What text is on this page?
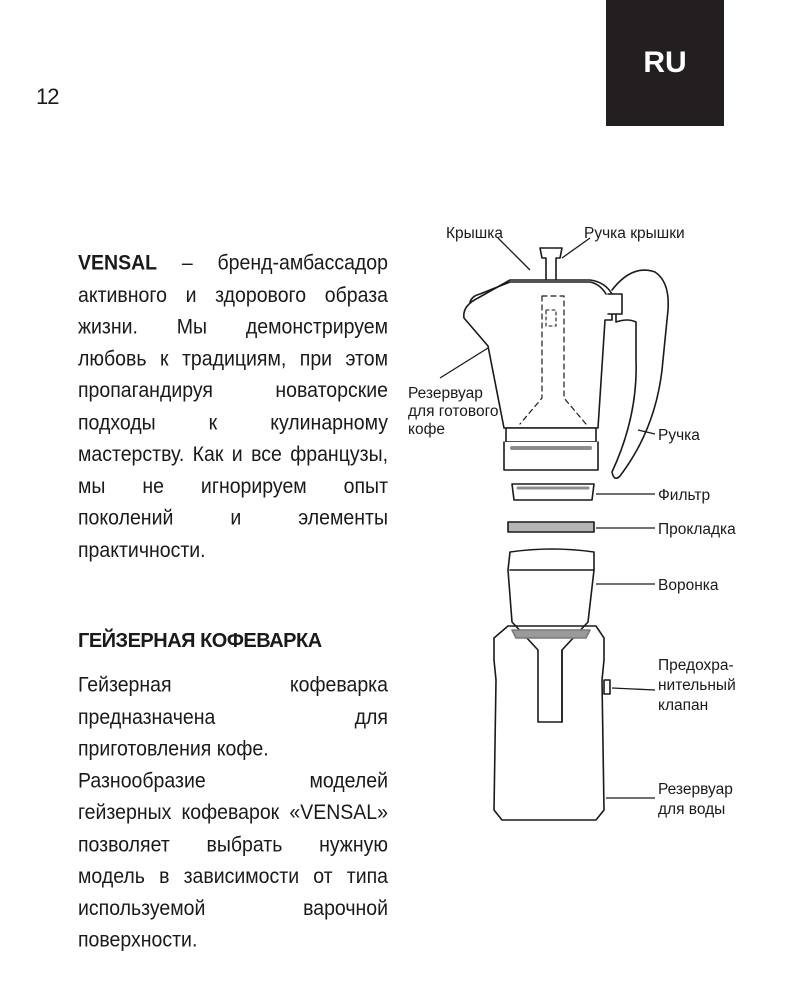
12
RU
VENSAL – бренд-амбассадор активного и здорового образа жизни. Мы демонстрируем любовь к традициям, при этом пропагандируя новаторские подходы к кулинарному мастерству. Как и все французы, мы не игнорируем опыт поколений и элементы практичности.
ГЕЙЗЕРНАЯ КОФЕВАРКА

Гейзерная кофеварка предназначена для приготовления кофе.

Разнообразие моделей гейзерных кофеварок «VENSAL» позволяет выбрать нужную модель в зависимости от типа используемой варочной поверхности.

Крышка	Ручка крышки
Резервуар
для готового
кофе	Ручка
Фильтр
Прокладка
Воронка
Предохра-
нительный
клапан
Резервуар
для воды
